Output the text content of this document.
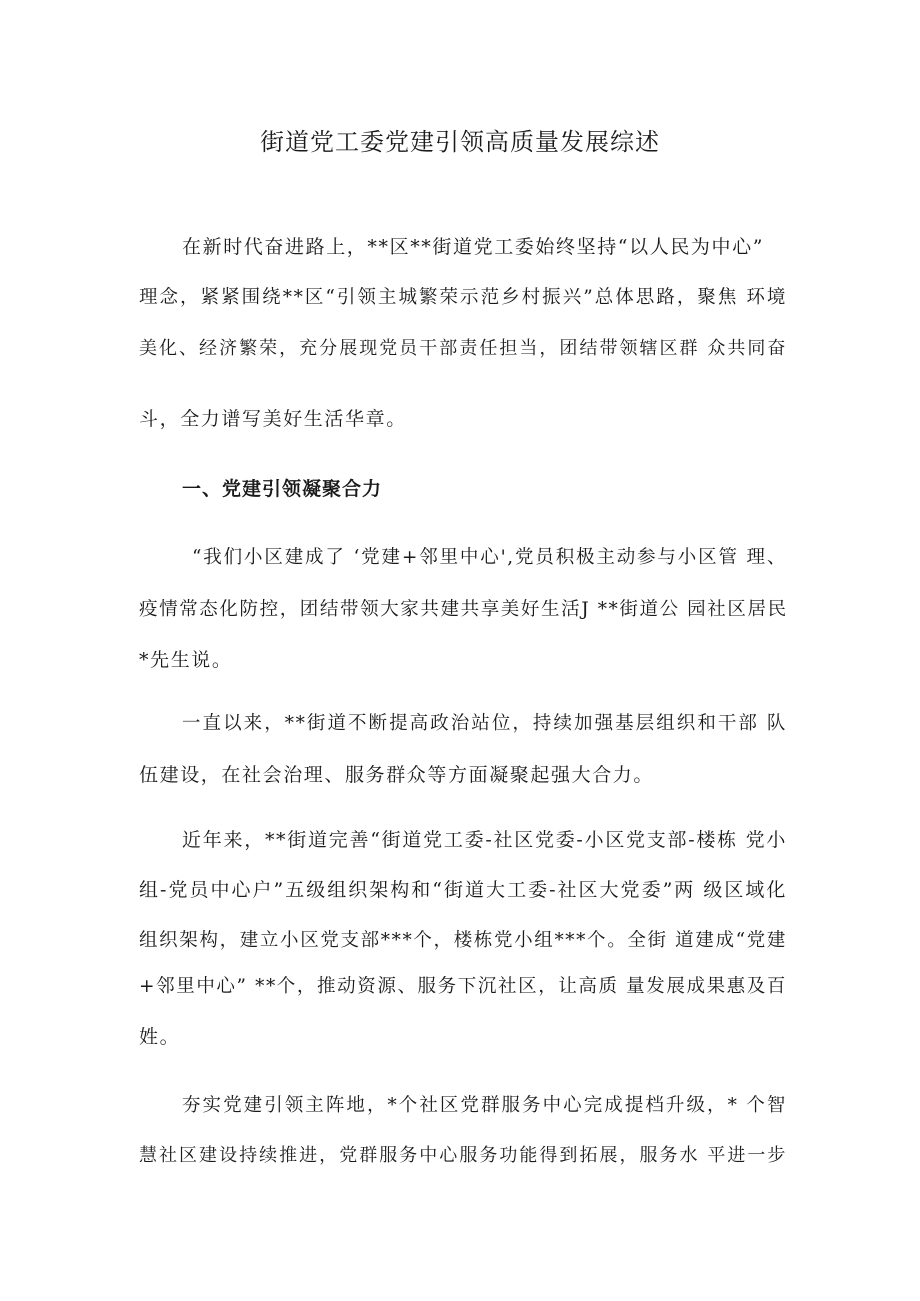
街道党工委党建引领高质量发展综述
在新时代奋进路上，**区**街道党工委始终坚持“以人民为中心”
理念，紧紧围绕**区“引领主城繁荣示范乡村振兴”总体思路，聚焦 环境
美化、经济繁荣，充分展现党员干部责任担当，团结带领辖区群 众共同奋
斗，全力谱写美好生活华章。
一、党建引领凝聚合力
“我们小区建成了 ‘党建+邻里中心',党员积极主动参与小区管 理、
疫情常态化防控，团结带领大家共建共享美好生活J **街道公 园社区居民
*先生说。
一直以来，**街道不断提高政治站位，持续加强基层组织和干部 队
伍建设，在社会治理、服务群众等方面凝聚起强大合力。
近年来，**街道完善“街道党工委-社区党委-小区党支部-楼栋 党小
组-党员中心户”五级组织架构和“街道大工委-社区大党委”两 级区域化
组织架构，建立小区党支部***个，楼栋党小组***个。全街 道建成“党建
+邻里中心” **个，推动资源、服务下沉社区，让高质 量发展成果惠及百
姓。
夯实党建引领主阵地，*个社区党群服务中心完成提档升级，* 个智
慧社区建设持续推进，党群服务中心服务功能得到拓展，服务水 平进一步
